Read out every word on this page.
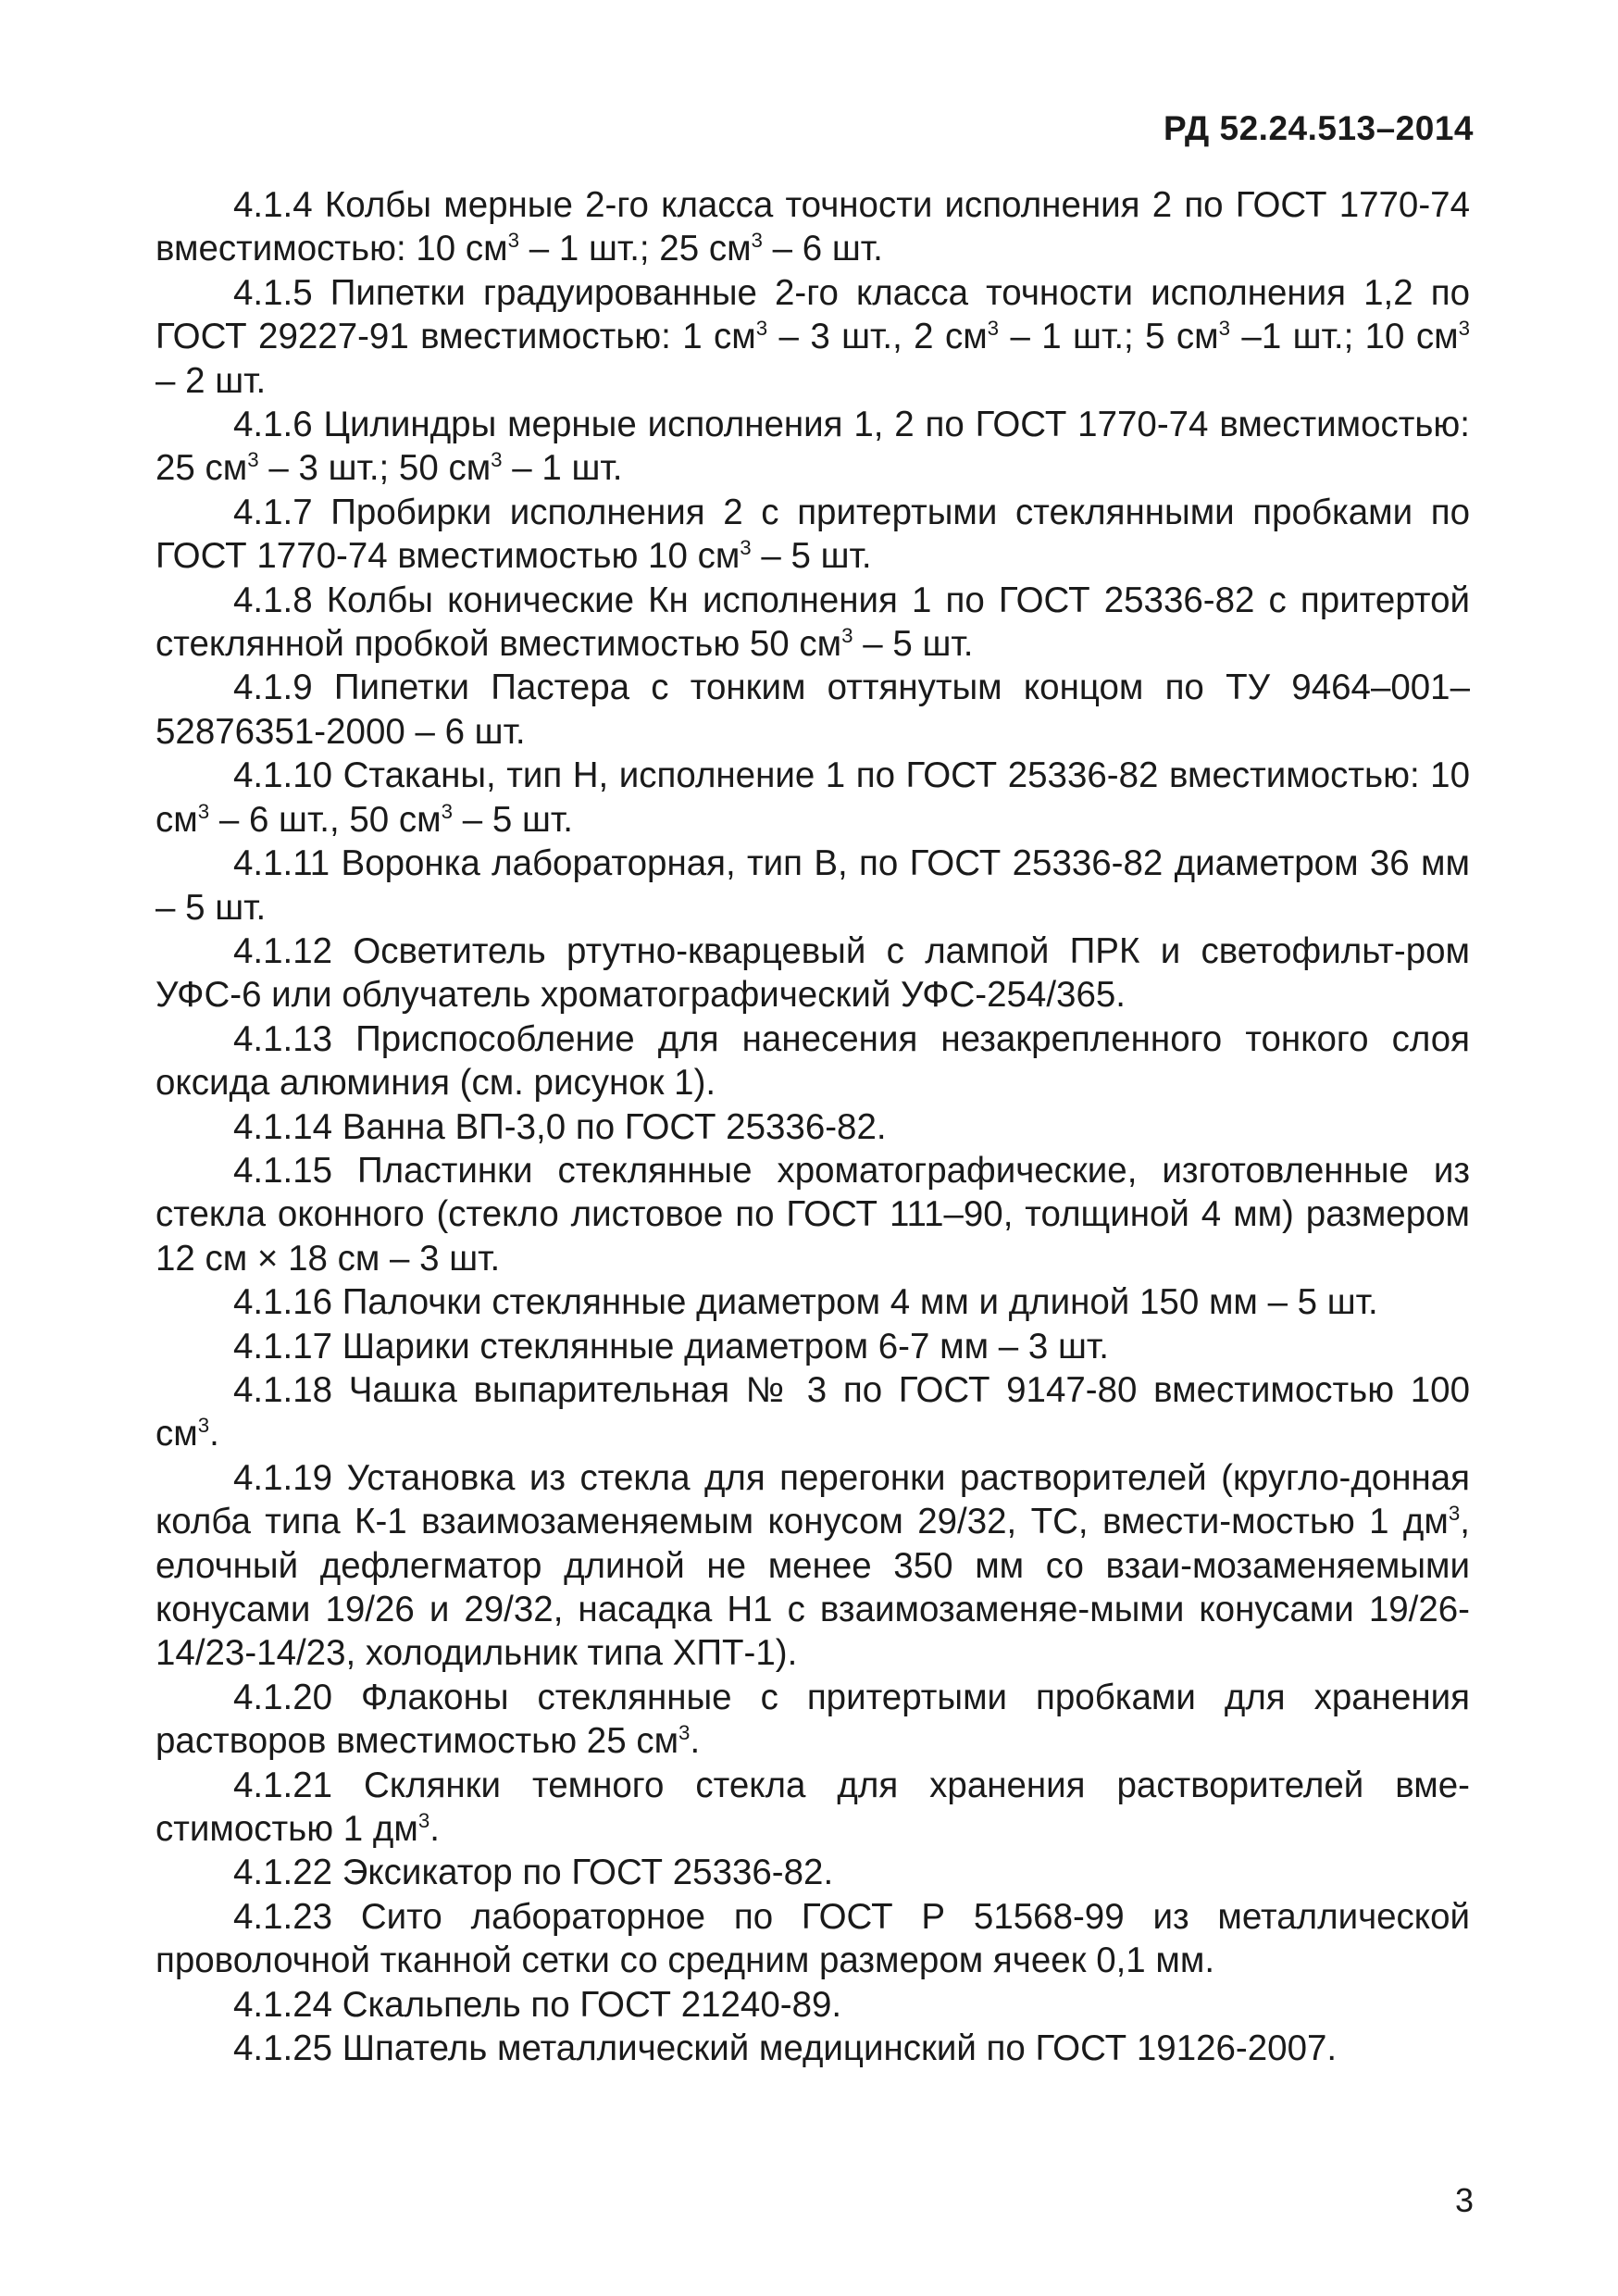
РД 52.24.513–2014

4.1.4 Колбы мерные 2-го класса точности исполнения 2 по ГОСТ 1770-74 вместимостью: 10 $см^3 - 1$ шт.; 25 $см^3 - 6$ шт.

4.1.5 Пипетки градуированные 2-го класса точности исполнения 1,2 по ГОСТ 29227-91 вместимостью: 1 $см^3 - 3$ шт., 2 $см^3 - 1$ шт.; 5 $см^3$ –1 шт.; 10 $см^3 - 2$ шт.

4.1.6 Цилиндры мерные исполнения 1, 2 по ГОСТ 1770-74 вместимостью: 25 $см^3 - 3$ шт.; 50 $см^3 - 1$ шт.

4.1.7 Пробирки исполнения 2 с притертыми стеклянными пробками по ГОСТ 1770-74 вместимостью 10 $см^3 - 5$ шт.

4.1.8 Колбы конические Кн исполнения 1 по ГОСТ 25336-82 с притертой стеклянной пробкой вместимостью 50 $см^3 - 5$ шт.

4.1.9 Пипетки Пастера с тонким оттянутым концом по ТУ 9464–001–52876351-2000 – 6 шт.

4.1.10 Стаканы, тип Н, исполнение 1 по ГОСТ 25336-82 вместимостью: 10 $см^3 - 6$ шт., 50 $см^3 - 5$ шт.

4.1.11 Воронка лабораторная, тип В, по ГОСТ 25336-82 диаметром 36 мм – 5 шт.

4.1.12 Осветитель ртутно-кварцевый с лампой ПРК и светофильт-ром УФС-6 или облучатель хроматографический УФС-254/365.

4.1.13 Приспособление для нанесения незакрепленного тонкого слоя оксида алюминия (см. рисунок 1).

4.1.14 Ванна ВП-3,0 по ГОСТ 25336-82.

4.1.15 Пластинки стеклянные хроматографические, изготовленные из стекла оконного (стекло листовое по ГОСТ 111–90, толщиной 4 мм) размером 12 см × 18 см – 3 шт.

4.1.16 Палочки стеклянные диаметром 4 мм и длиной 150 мм – 5 шт.

4.1.17 Шарики стеклянные диаметром 6-7 мм – 3 шт.

4.1.18 Чашка выпарительная № 3 по ГОСТ 9147-80 вместимостью 100 $см^3$.

4.1.19 Установка из стекла для перегонки растворителей (кругло-донная колба типа К-1 взаимозаменяемым конусом 29/32, ТС, вмести-мостью 1 $дм^3$, елочный дефлегматор длиной не менее 350 мм со взаи-мозаменяемыми конусами 19/26 и 29/32, насадка Н1 с взаимозаменяе-мыми конусами 19/26-14/23-14/23, холодильник типа ХПТ-1).

4.1.20 Флаконы стеклянные с притертыми пробками для хранения растворов вместимостью 25 $см^3$.

4.1.21 Склянки темного стекла для хранения растворителей вме-стимостью 1 $дм^3$.

4.1.22 Эксикатор по ГОСТ 25336-82.

4.1.23 Сито лабораторное по ГОСТ Р 51568-99 из металлической проволочной тканной сетки со средним размером ячеек 0,1 мм.

4.1.24 Скальпель по ГОСТ 21240-89.

4.1.25 Шпатель металлический медицинский по ГОСТ 19126-2007.

3
